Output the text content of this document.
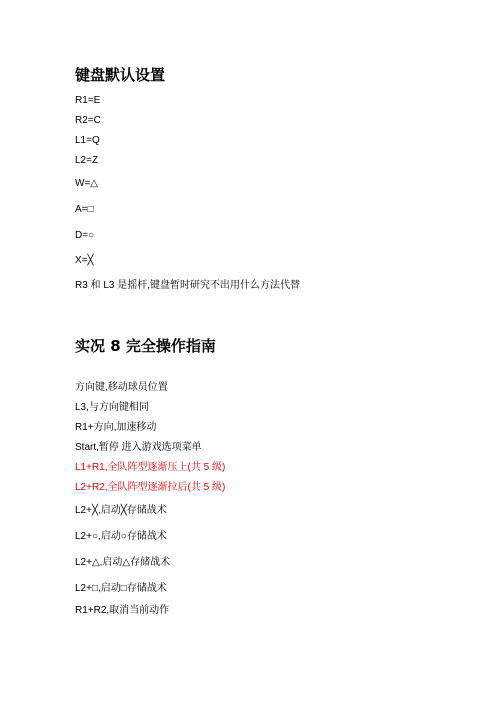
键盘默认设置
R1=E
R2=C
L1=Q
L2=Z
W=△
A=□
D=○
X=╳
R3 和 L3 是摇杆,键盘暂时研究不出用什么方法代替
实况 8 完全操作指南
方向键,移动球员位置
L3,与方向键相同
R1+方向,加速移动
Start,暂停 进入游戏选项菜单
L1+R1,全队阵型逐渐压上(共 5 级)
L2+R2,全队阵型逐渐拉后(共 5 级)
L2+╳,启动╳存储战术
L2+○,启动○存储战术
L2+△,启动△存储战术
L2+□,启动□存储战术
R1+R2,取消当前动作
